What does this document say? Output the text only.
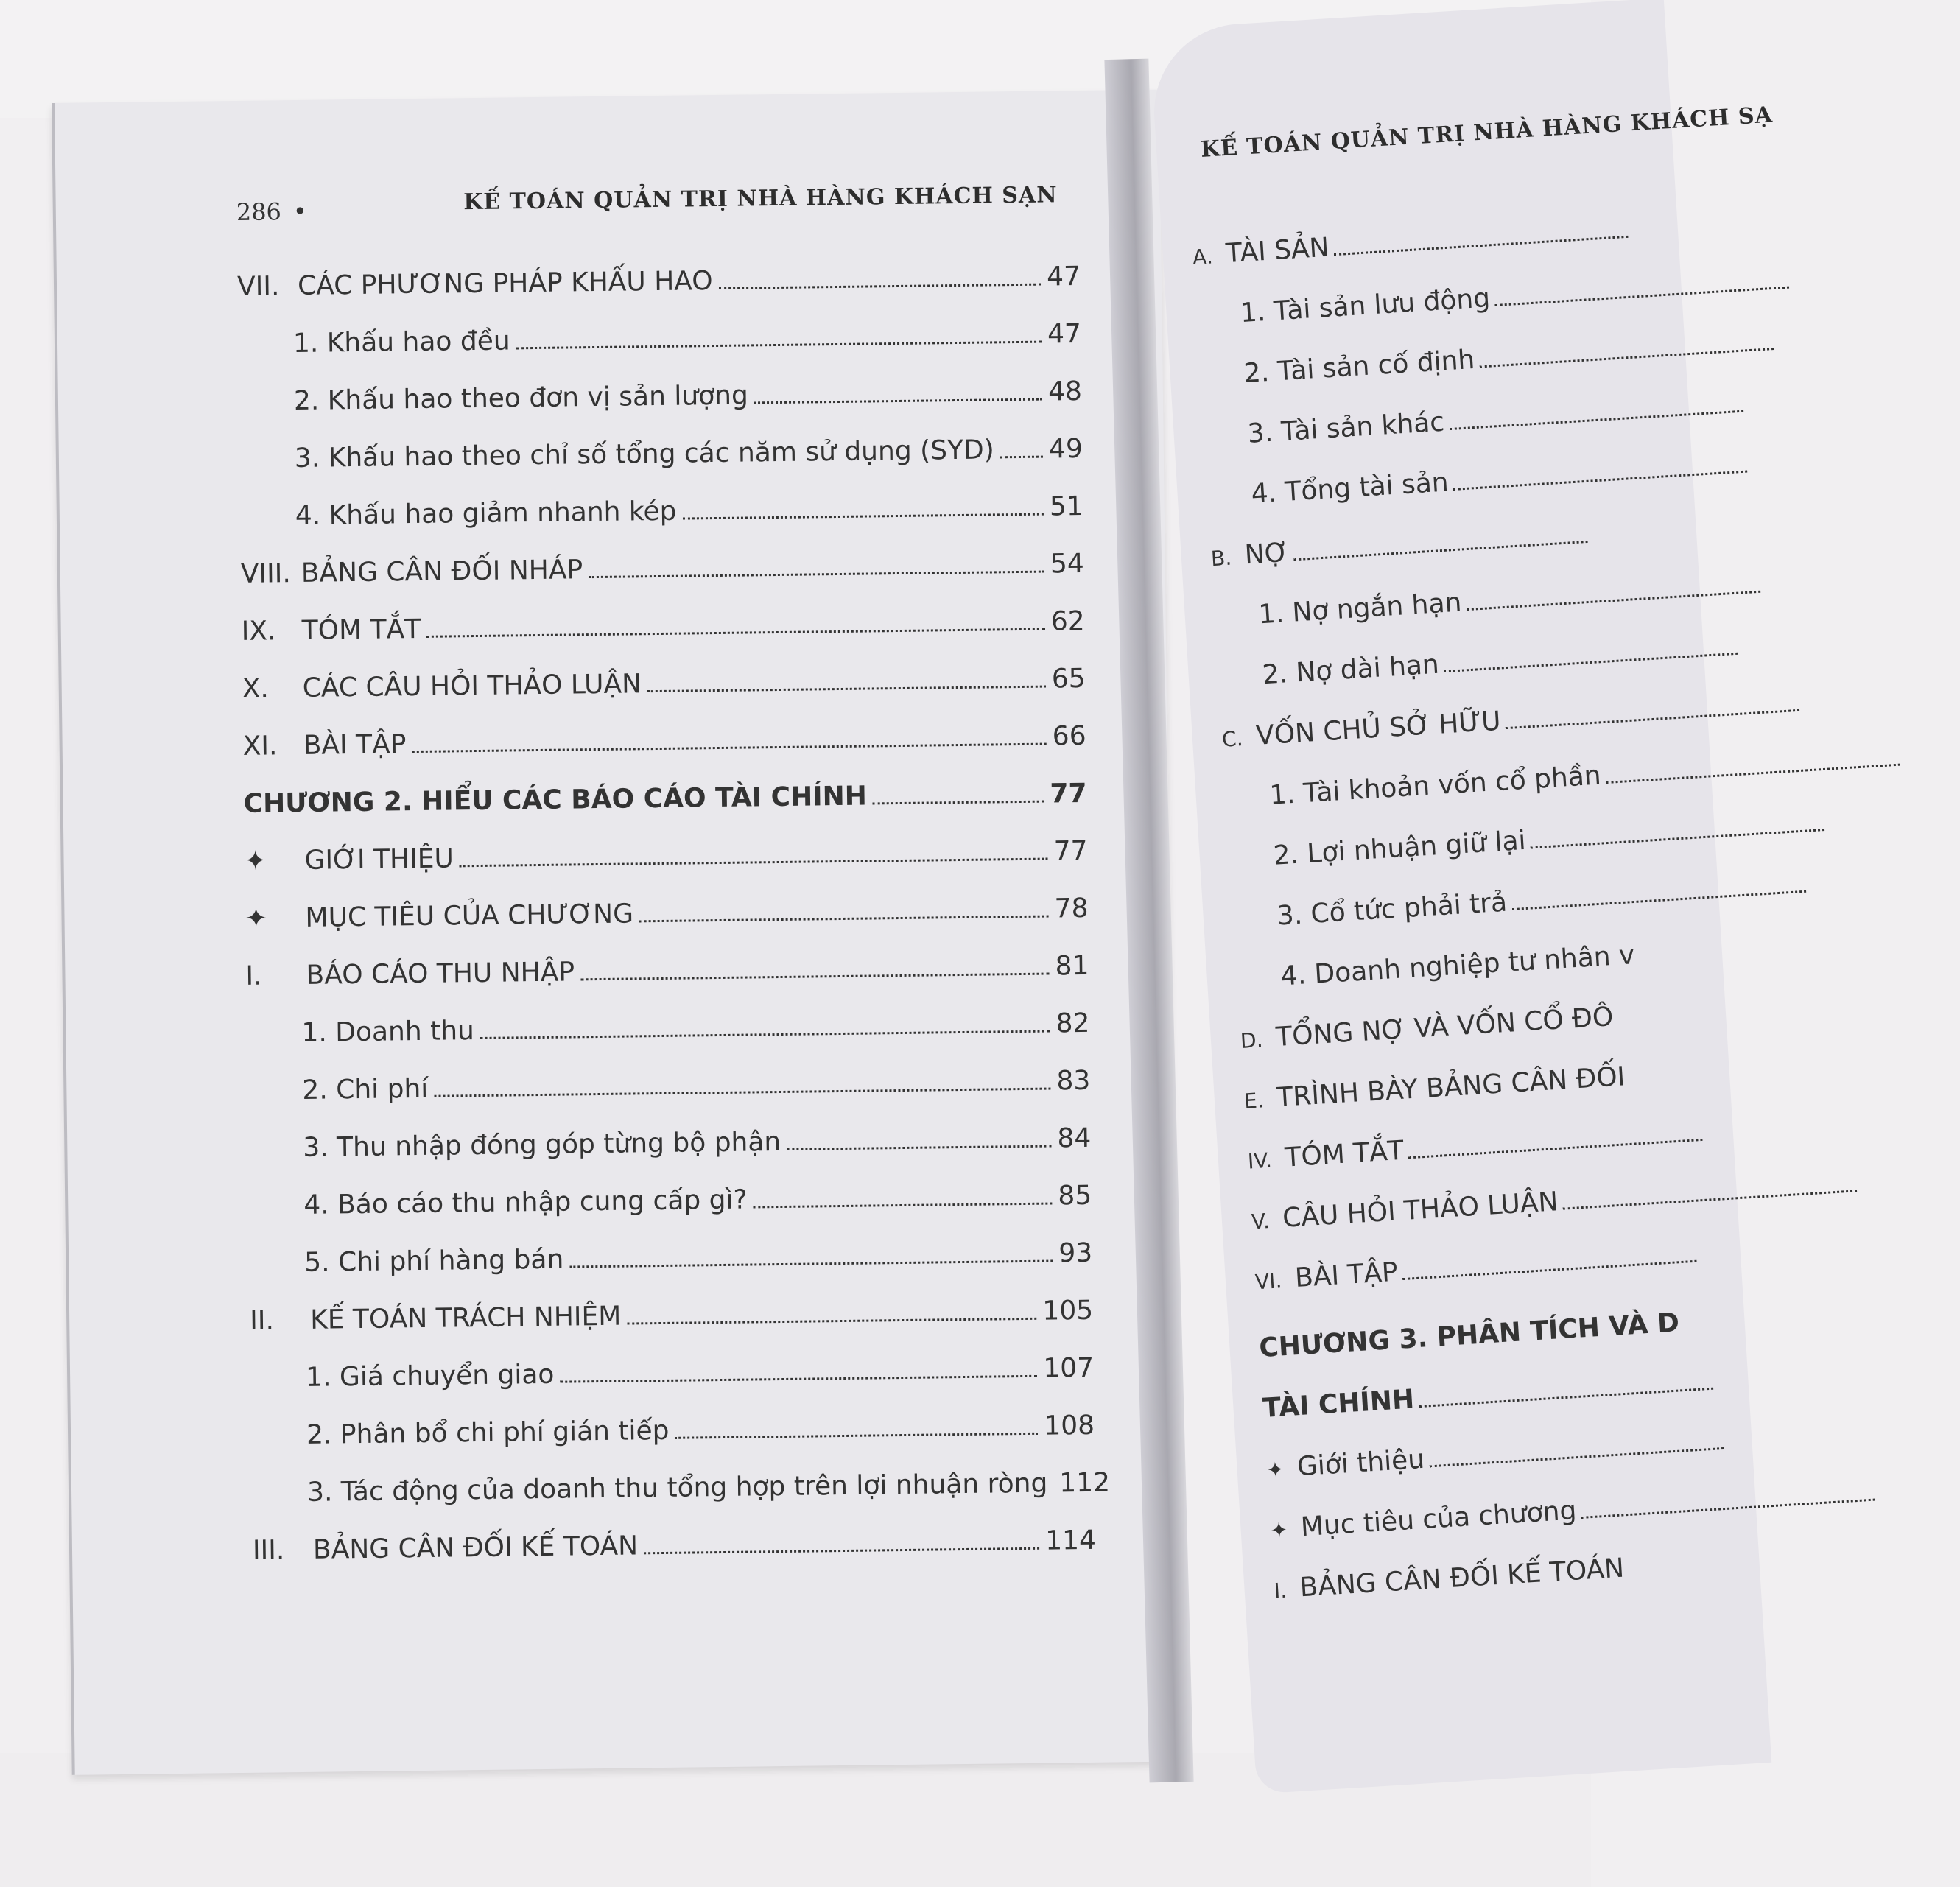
286 •	KẾ TOÁN QUẢN TRỊ NHÀ HÀNG KHÁCH SẠN
VII. CÁC PHƯƠNG PHÁP KHẤU HAO	47
1. Khấu hao đều	47
2. Khấu hao theo đơn vị sản lượng	48
3. Khấu hao theo chỉ số tổng các năm sử dụng (SYD) 49
4. Khấu hao giảm nhanh kép	51
VIII. BẢNG CÂN ĐỐI NHÁP	54
IX. TÓM TẮT	62
X.	CÁC CÂU HỎI THẢO LUẬN	65
XI. BÀI TẬP	66
CHƯƠNG 2. HIỂU CÁC BÁO CÁO TÀI CHÍNH	77
✦	GIỚI THIỆU	77
✦	MỤC TIÊU CỦA CHƯƠNG	78
I.	BÁO CÁO THU NHẬP	81
1. Doanh thu	82
2. Chi phí	83
3. Thu nhập đóng góp từng bộ phận	84
4. Báo cáo thu nhập cung cấp gì?	85
5. Chi phí hàng bán	93
II.	KẾ TOÁN TRÁCH NHIỆM	105
1. Giá chuyển giao	107
2. Phân bổ chi phí gián tiếp	108
3. Tác động của doanh thu tổng hợp trên lợi nhuận ròng 112
III.	BẢNG CÂN ĐỐI KẾ TOÁN	114
KẾ TOÁN QUẢN TRỊ NHÀ HÀNG KHÁCH SẠ
A. TÀI SẢN
1. Tài sản lưu động
2. Tài sản cố định
3. Tài sản khác
4. Tổng tài sản
B. NỢ
1. Nợ ngắn hạn
2. Nợ dài hạn
C. VỐN CHỦ SỞ HỮU
1. Tài khoản vốn cổ phần
2. Lợi nhuận giữ lại
3. Cổ tức phải trả
4. Doanh nghiệp tư nhân v
D. TỔNG NỢ VÀ VỐN CỔ ĐÔ
E. TRÌNH BÀY BẢNG CÂN ĐỐI
IV. TÓM TẮT
V. CÂU HỎI THẢO LUẬN
VI. BÀI TẬP
CHƯƠNG 3. PHÂN TÍCH VÀ D
TÀI CHÍNH
✦ Giới thiệu
✦ Mục tiêu của chương
I. BẢNG CÂN ĐỐI KẾ TOÁN
